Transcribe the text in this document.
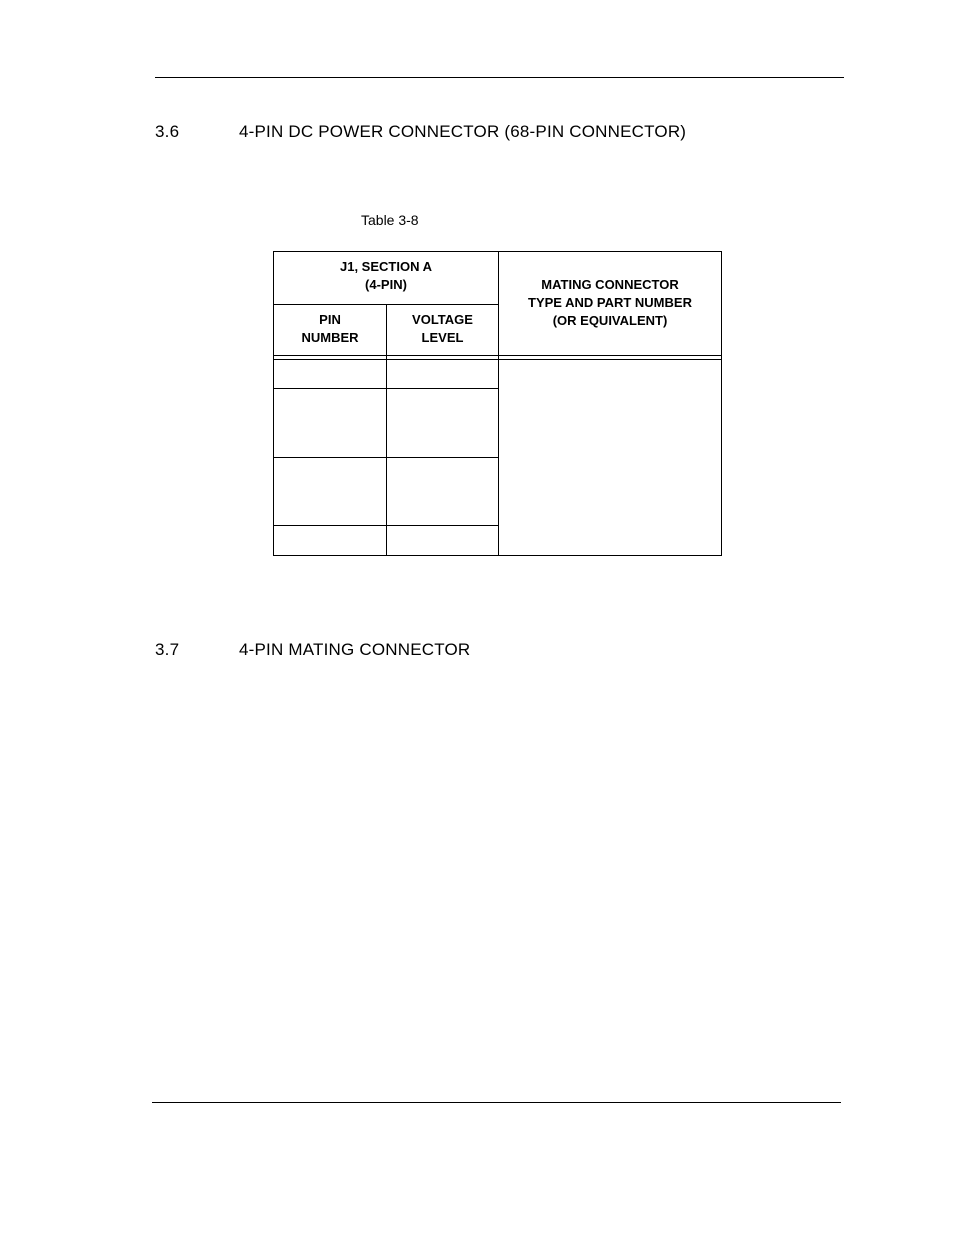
3.6	4-PIN DC POWER CONNECTOR (68-PIN CONNECTOR)
Table 3-8
J1, SECTION A
(4-PIN)
PIN
NUMBER
VOLTAGE
LEVEL
MATING CONNECTOR
TYPE AND PART NUMBER
(OR EQUIVALENT)
3.7	4-PIN MATING CONNECTOR
